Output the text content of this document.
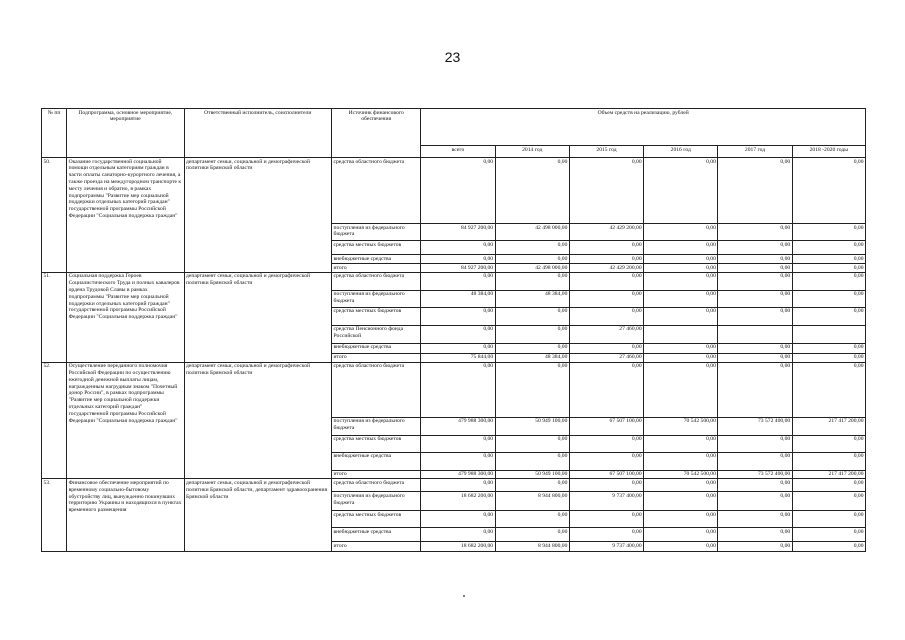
23
№ пп	Подпрограмма, основное мероприятие, мероприятие	Ответственный исполнитель, соисполнители	Источник финансового обеспечения	Объем средств на реализацию, рублей					
				всего	2014 год	2015 год	2016 год	2017 год	2018 -2020 годы
50.	Оказание государственной социальной помощи отдельным категориям граждан в части оплаты санаторно-курортного лечения, а также проезда на междугородном транспорте к месту лечения и обратно, в рамках подпрограммы "Развитие мер социальной поддержки отдельных категорий граждан" государственной программы Российской Федерации "Социальная поддержка граждан"	департамент семьи, социальной и демографической политики Брянской области	средства областного бюджета	0,00	0,00	0,00	0,00	0,00	0,00
			поступления из федерального бюджета	84 927 200,00	42 498 000,00	42 429 200,00	0,00	0,00	0,00
			средства местных бюджетов	0,00	0,00	0,00	0,00	0,00	0,00
			внебюджетные средства	0,00	0,00	0,00	0,00	0,00	0,00
			итого	84 927 200,00	42 498 000,00	42 429 200,00	0,00	0,00	0,00
51.	Социальная поддержка Героев Социалистического Труда и полных кавалеров ордена Трудовой Славы в рамках подпрограммы "Развитие мер социальной поддержки отдельных категорий граждан" государственной программы Российской Федерации "Социальная поддержка граждан"	департамент семьи, социальной и демографической политики Брянской области	средства областного бюджета	0,00	0,00	0,00	0,00	0,00	0,00
			поступления из федерального бюджета	48 384,00	48 384,00	0,00	0,00	0,00	0,00
			средства местных бюджетов	0,00	0,00	0,00	0,00	0,00	0,00
			средства Пенсионного фонда Российской	0,00	0,00	27 460,00			
			внебюджетные средства	0,00	0,00	0,00	0,00	0,00	0,00
			итого	75 844,00	48 384,00	27 460,00	0,00	0,00	0,00
52.	Осуществление переданного полномочия Российской Федерации по осуществлению ежегодной денежной выплаты лицам, награжденным нагрудным знаком "Почетный донор России", в рамках подпрограммы "Развитие мер социальной поддержки отдельных категорий граждан" государственной программы Российской Федерации "Социальная поддержка граждан"	департамент семьи, социальной и демографической политики Брянской области	средства областного бюджета	0,00	0,00	0,00	0,00	0,00	0,00
			поступления из федерального бюджета	479 988 300,00	50 949 100,00	67 507 100,00	70 542 500,00	73 572 400,00	217 417 200,00
			средства местных бюджетов	0,00	0,00	0,00	0,00	0,00	0,00
			внебюджетные средства	0,00	0,00	0,00	0,00	0,00	0,00
			итого	479 988 300,00	50 949 100,00	67 507 100,00	70 542 500,00	73 572 400,00	217 417 200,00
53.	Финансовое обеспечение мероприятий по временному социально-бытовому обустройству лиц, вынужденно покинувших территорию Украины и находящихся в пунктах временного размещения	департамент семьи, социальной и демографической политики Брянской области, департамент здравоохранения Брянской области	средства областного бюджета	0,00	0,00	0,00	0,00	0,00	0,00
			поступления из федерального бюджета	18 682 200,00	8 944 800,00	9 737 400,00	0,00	0,00	0,00
			средства местных бюджетов	0,00	0,00	0,00	0,00	0,00	0,00
			внебюджетные средства	0,00	0,00	0,00	0,00	0,00	0,00
			итого	18 682 200,00	8 944 800,00	9 737 400,00	0,00	0,00	0,00
